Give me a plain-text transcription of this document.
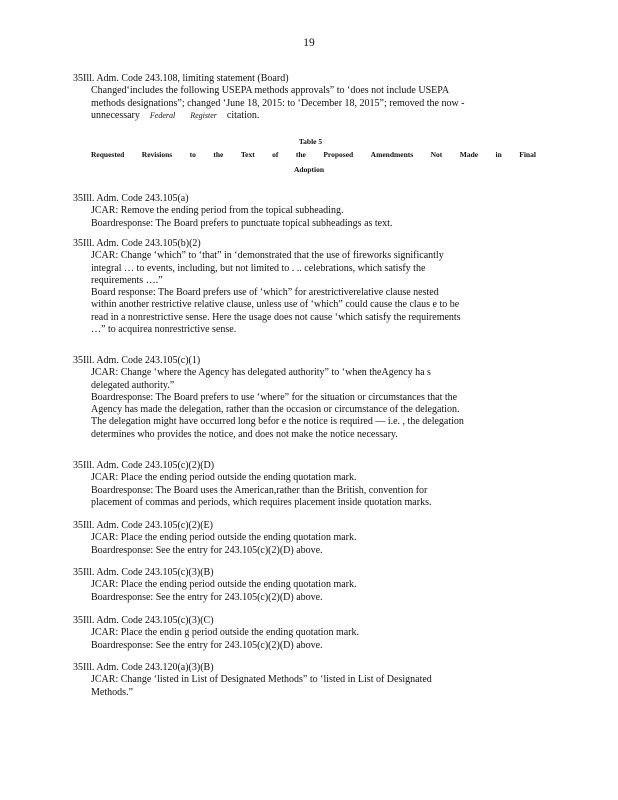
19
35Ill. Adm. Code 243.108, limiting statement (Board)
Changed‘includes the following USEPA methods approvals” to ‘does not include USEPA
methods designations”; changed ‘June 18, 2015: to ‘December 18, 2015”; removed the now -
unnecessary Federal Register citation.
Table 5
Requested Revisions to the Text of the Proposed Amendments Not Made in Final
Adoption
35Ill. Adm. Code 243.105(a)
JCAR: Remove the ending period from the topical subheading.
Boardresponse: The Board prefers to punctuate topical subheadings as text.
35Ill. Adm. Code 243.105(b)(2)
JCAR: Change ‘which” to ‘that” in ‘demonstrated that the use of fireworks significantly
integral … to events, including, but not limited to . .. celebrations, which satisfy the
requirements ….”
Board response: The Board prefers use of ‘which” for arestrictiverelative clause nested
within another restrictive relative clause, unless use of ‘which” could cause the claus e to be
read in a nonrestrictive sense. Here the usage does not cause ‘which satisfy the requirements
…” to acquirea nonrestrictive sense.
35Ill. Adm. Code 243.105(c)(1)
JCAR: Change ‘where the Agency has delegated authority” to ‘when theAgency ha s
delegated authority.”
Boardresponse: The Board prefers to use ‘where” for the situation or circumstances that the
Agency has made the delegation, rather than the occasion or circumstance of the delegation.
The delegation might have occurred long befor e the notice is required — i.e. , the delegation
determines who provides the notice, and does not make the notice necessary.
35Ill. Adm. Code 243.105(c)(2)(D)
JCAR: Place the ending period outside the ending quotation mark.
Boardresponse: The Board uses the American,rather than the British, convention for
placement of commas and periods, which requires placement inside quotation marks.
35Ill. Adm. Code 243.105(c)(2)(E)
JCAR: Place the ending period outside the ending quotation mark.
Boardresponse: See the entry for 243.105(c)(2)(D) above.
35Ill. Adm. Code 243.105(c)(3)(B)
JCAR: Place the ending period outside the ending quotation mark.
Boardresponse: See the entry for 243.105(c)(2)(D) above.
35Ill. Adm. Code 243.105(c)(3)(C)
JCAR: Place the endin g period outside the ending quotation mark.
Boardresponse: See the entry for 243.105(c)(2)(D) above.
35Ill. Adm. Code 243.120(a)(3)(B)
JCAR: Change ‘listed in List of Designated Methods” to ‘listed in List of Designated
Methods.”
